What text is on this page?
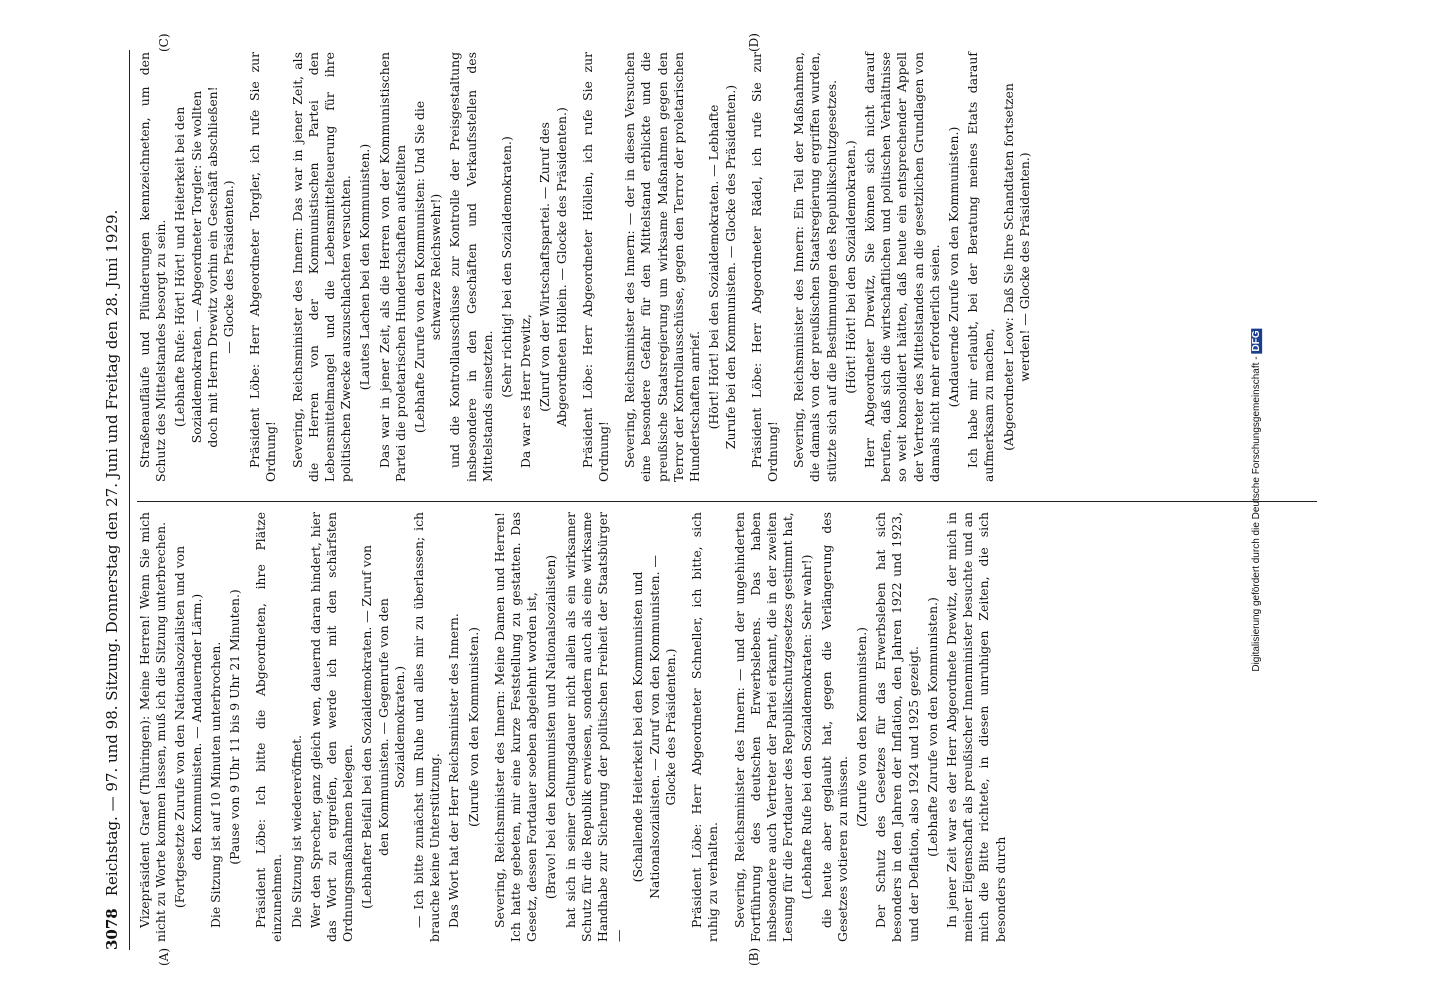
3078
Reichstag. — 97. und 98. Sitzung. Donnerstag den 27. Juni und Freitag den 28. Juni 1929.
(A)	(B)
(C)	(D)

Vizepräsident Graef (Thüringen): Meine Herren! Wenn Sie mich nicht zu Worte kommen lassen, muß ich die Sitzung unterbrechen. (Fortgesetzte Zurufe von den Nationalsozialisten und von den Kommunisten. — Andauernder Lärm.) Die Sitzung ist auf 10 Minuten unterbrochen. (Pause von 9 Uhr 11 bis 9 Uhr 21 Minuten.) Präsident Löbe: Ich bitte die Abgeordneten, ihre Plätze einzunehmen. Die Sitzung ist wiedereröffnet. Wer den Sprecher, ganz gleich wen, dauernd daran hindert, hier das Wort zu ergreifen, den werde ich mit den schärfsten Ordnungsmaßnahmen belegen. (Lebhafter Beifall bei den Sozialdemokraten. — Zuruf von den Kommunisten. — Gegenrufe von den Sozialdemokraten.) — Ich bitte zunächst um Ruhe und alles mir zu überlassen; ich brauche keine Unterstützung. Das Wort hat der Herr Reichsminister des Innern. (Zurufe von den Kommunisten.) Severing, Reichsminister des Innern: Meine Damen und Herren! Ich hatte gebeten, mir eine kurze Feststellung zu gestatten. Das Gesetz, dessen Fortdauer soeben abgelehnt worden ist, (Bravo! bei den Kommunisten und Nationalsozialisten) hat sich in seiner Geltungsdauer nicht allein als ein wirksamer Schutz für die Republik erwiesen, sondern auch als eine wirksame Handhabe zur Sicherung der politischen Freiheit der Staatsbürger —

(Schallende Heiterkeit bei den Kommunisten und Nationalsozialisten. — Zuruf von den Kommunisten. — Glocke des Präsidenten.) Präsident Löbe: Herr Abgeordneter Schneller, ich bitte, sich ruhig zu verhalten. Severing, Reichsminister des Innern: — und der ungehinderten Fortführung des deutschen Erwerbslebens. Das haben insbesondere auch Vertreter der Partei erkannt, die in der zweiten Lesung für die Fortdauer des Republikschutzgesetzes gestimmt hat, (Lebhafte Rufe bei den Sozialdemokraten: Sehr wahr!) die heute aber geglaubt hat, gegen die Verlängerung des Gesetzes votieren zu müssen.

(Zurufe von den Kommunisten.) Der Schutz des Gesetzes für das Erwerbsleben hat sich besonders in den Jahren der Inflation, den Jahren 1922 und 1923, und der Deflation, also 1924 und 1925 gezeigt. (Lebhafte Zurufe von den Kommunisten.) In jener Zeit war es der Herr Abgeordnete Drewitz, der mich in meiner Eigenschaft als preußischer Innenminister besuchte und an mich die Bitte richtete, in diesen unruhigen Zeiten, die sich besonders durch

Straßenaufläufe und Plünderungen kennzeichneten, um den Schutz des Mittelstandes besorgt zu sein. (Lebhafte Rufe: Hört! Hört! und Heiterkeit bei den Sozialdemokraten. — Abgeordneter Torgler: Sie wollten doch mit Herrn Drewitz vorhin ein Geschäft abschließen! — Glocke des Präsidenten.) Präsident Löbe: Herr Abgeordneter Torgler, ich rufe Sie zur Ordnung! Severing, Reichsminister des Innern: Das war in jener Zeit, als die Herren von der Kommunistischen Partei den Lebensmittelmangel und die Lebensmittelteuerung für ihre politischen Zwecke auszuschlachten versuchten. (Lautes Lachen bei den Kommunisten.) Das war in jener Zeit, als die Herren von der Kommunistischen Partei die proletarischen Hundertschaften aufstellten (Lebhafte Zurufe von den Kommunisten: Und Sie die schwarze Reichswehr!) und die Kontrollausschüsse zur Kontrolle der Preisgestaltung insbesondere in den Geschäften und Verkaufsstellen des Mittelstands einsetzten.

(Sehr richtig! bei den Sozialdemokraten.) Da war es Herr Drewitz, (Zuruf von der Wirtschaftspartei. — Zuruf des Abgeordneten Höllein. — Glocke des Präsidenten.) Präsident Löbe: Herr Abgeordneter Höllein, ich rufe Sie zur Ordnung! Severing, Reichsminister des Innern: — der in diesen Versuchen eine besondere Gefahr für den Mittelstand erblickte und die preußische Staatsregierung um wirksame Maßnahmen gegen den Terror der Kontrollausschüsse, gegen den Terror der proletarischen Hundertschaften anrief. (Hört! Hört! bei den Sozialdemokraten. — Lebhafte Zurufe bei den Kommunisten. — Glocke des Präsidenten.) Präsident Löbe: Herr Abgeordneter Rädel, ich rufe Sie zur Ordnung! Severing, Reichsminister des Innern: Ein Teil der Maßnahmen, die damals von der preußischen Staatsregierung ergriffen wurden, stützte sich auf die Bestimmungen des Republikschutzgesetzes. (Hört! Hört! bei den Sozialdemokraten.) Herr Abgeordneter Drewitz, Sie können sich nicht darauf berufen, daß sich die wirtschaftlichen und politischen Verhältnisse so weit konsolidiert hätten, daß heute ein entsprechender Appell der Vertreter des Mittelstandes an die gesetzlichen Grundlagen von damals nicht mehr erforderlich seien. (Andauernde Zurufe von den Kommunisten.) Ich habe mir erlaubt, bei der Beratung meines Etats darauf aufmerksam zu machen, (Abgeordneter Leow: Daß Sie Ihre Schandtaten fortsetzen werden! — Glocke des Präsidenten.)

Digitalisierung gefördert durch die Deutsche Forschungsgemeinschaft -DFG
